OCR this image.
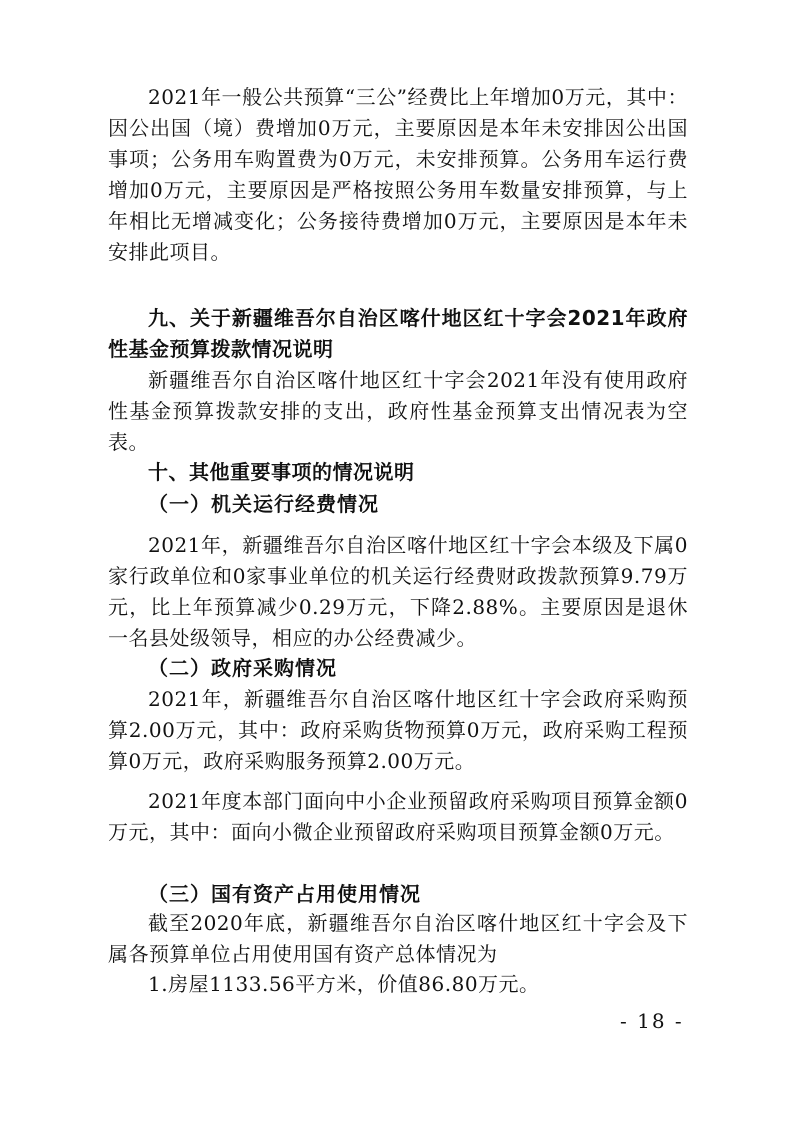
2021年一般公共预算“三公”经费比上年增加0万元，其中：因公出国（境）费增加0万元，主要原因是本年未安排因公出国事项；公务用车购置费为0万元，未安排预算。公务用车运行费增加0万元，主要原因是严格按照公务用车数量安排预算，与上年相比无增减变化；公务接待费增加0万元，主要原因是本年未安排此项目。

九、关于新疆维吾尔自治区喀什地区红十字会2021年政府性基金预算拨款情况说明

新疆维吾尔自治区喀什地区红十字会2021年没有使用政府性基金预算拨款安排的支出，政府性基金预算支出情况表为空表。

十、其他重要事项的情况说明

（一）机关运行经费情况

2021年，新疆维吾尔自治区喀什地区红十字会本级及下属0家行政单位和0家事业单位的机关运行经费财政拨款预算9.79万元，比上年预算减少0.29万元，下降2.88%。主要原因是退休一名县处级领导，相应的办公经费减少。

（二）政府采购情况

2021年，新疆维吾尔自治区喀什地区红十字会政府采购预算2.00万元，其中：政府采购货物预算0万元，政府采购工程预算0万元，政府采购服务预算2.00万元。

2021年度本部门面向中小企业预留政府采购项目预算金额0万元，其中：面向小微企业预留政府采购项目预算金额0万元。

（三）国有资产占用使用情况

截至2020年底，新疆维吾尔自治区喀什地区红十字会及下属各预算单位占用使用国有资产总体情况为

1.房屋1133.56平方米，价值86.80万元。

- 18 -
